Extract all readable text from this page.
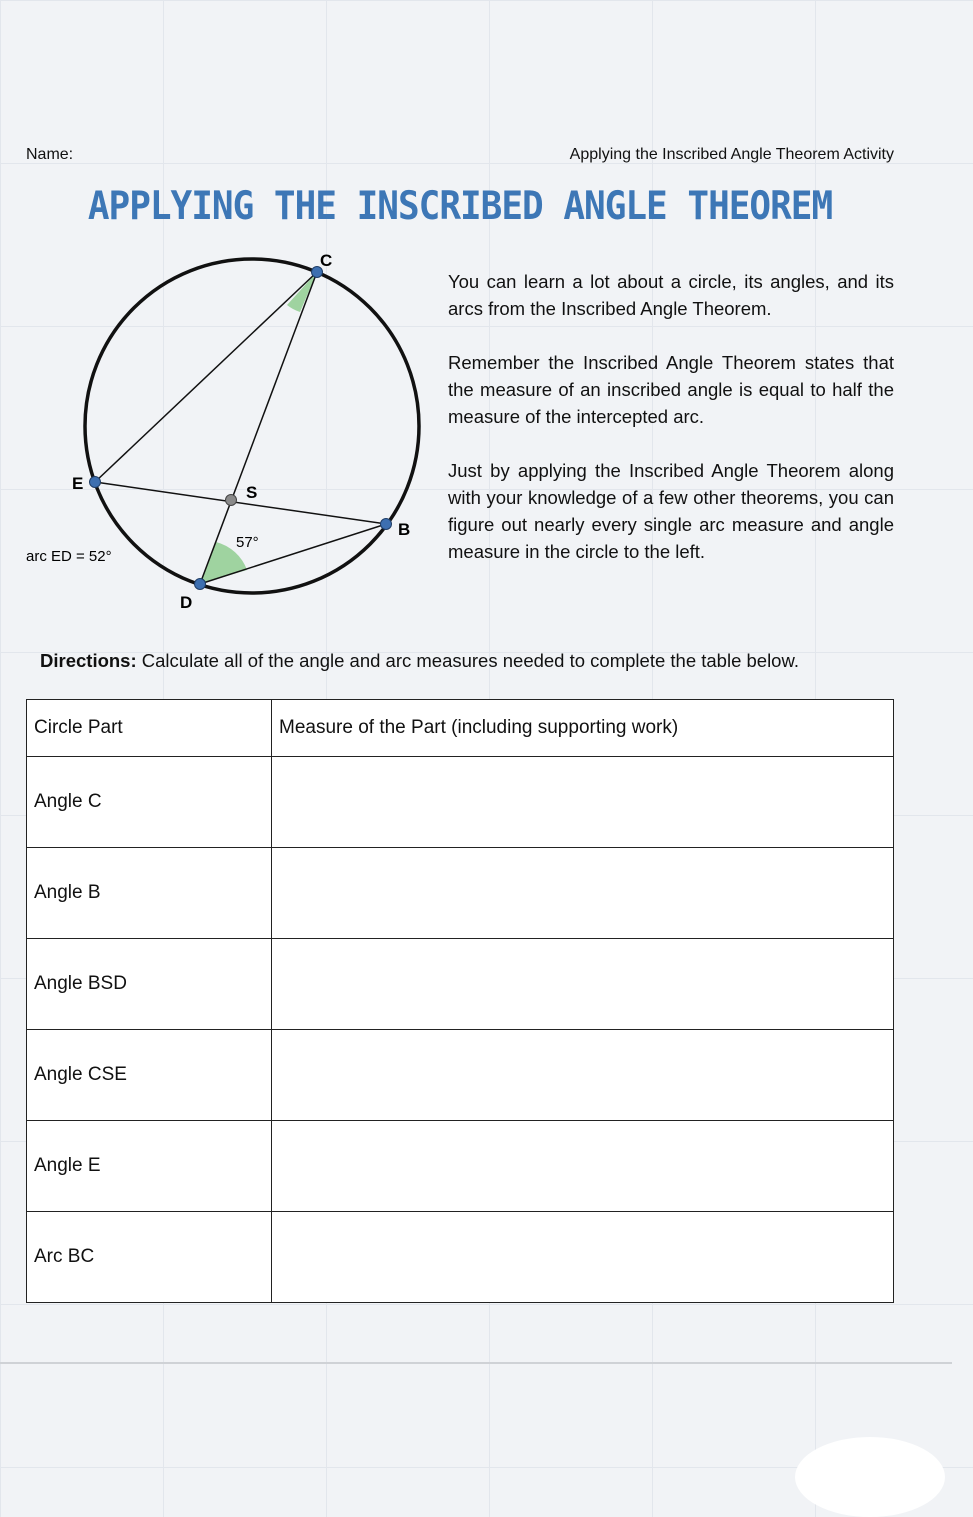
Name:	Applying the Inscribed Angle Theorem Activity
APPLYING THE INSCRIBED ANGLE THEOREM
C
E	S
B
D
57°
arc ED = 52°
You can learn a lot about a circle, its angles, and its arcs from the Inscribed Angle Theorem.
Remember the Inscribed Angle Theorem states that the measure of an inscribed angle is equal to half the measure of the intercepted arc.
Just by applying the Inscribed Angle Theorem along with your knowledge of a few other theorems, you can figure out nearly every single arc measure and angle measure in the circle to the left.
Directions: Calculate all of the angle and arc measures needed to complete the table below.
Circle Part	Measure of the Part (including supporting work)
Angle C	
Angle B	
Angle BSD	
Angle CSE	
Angle E	
Arc BC	
